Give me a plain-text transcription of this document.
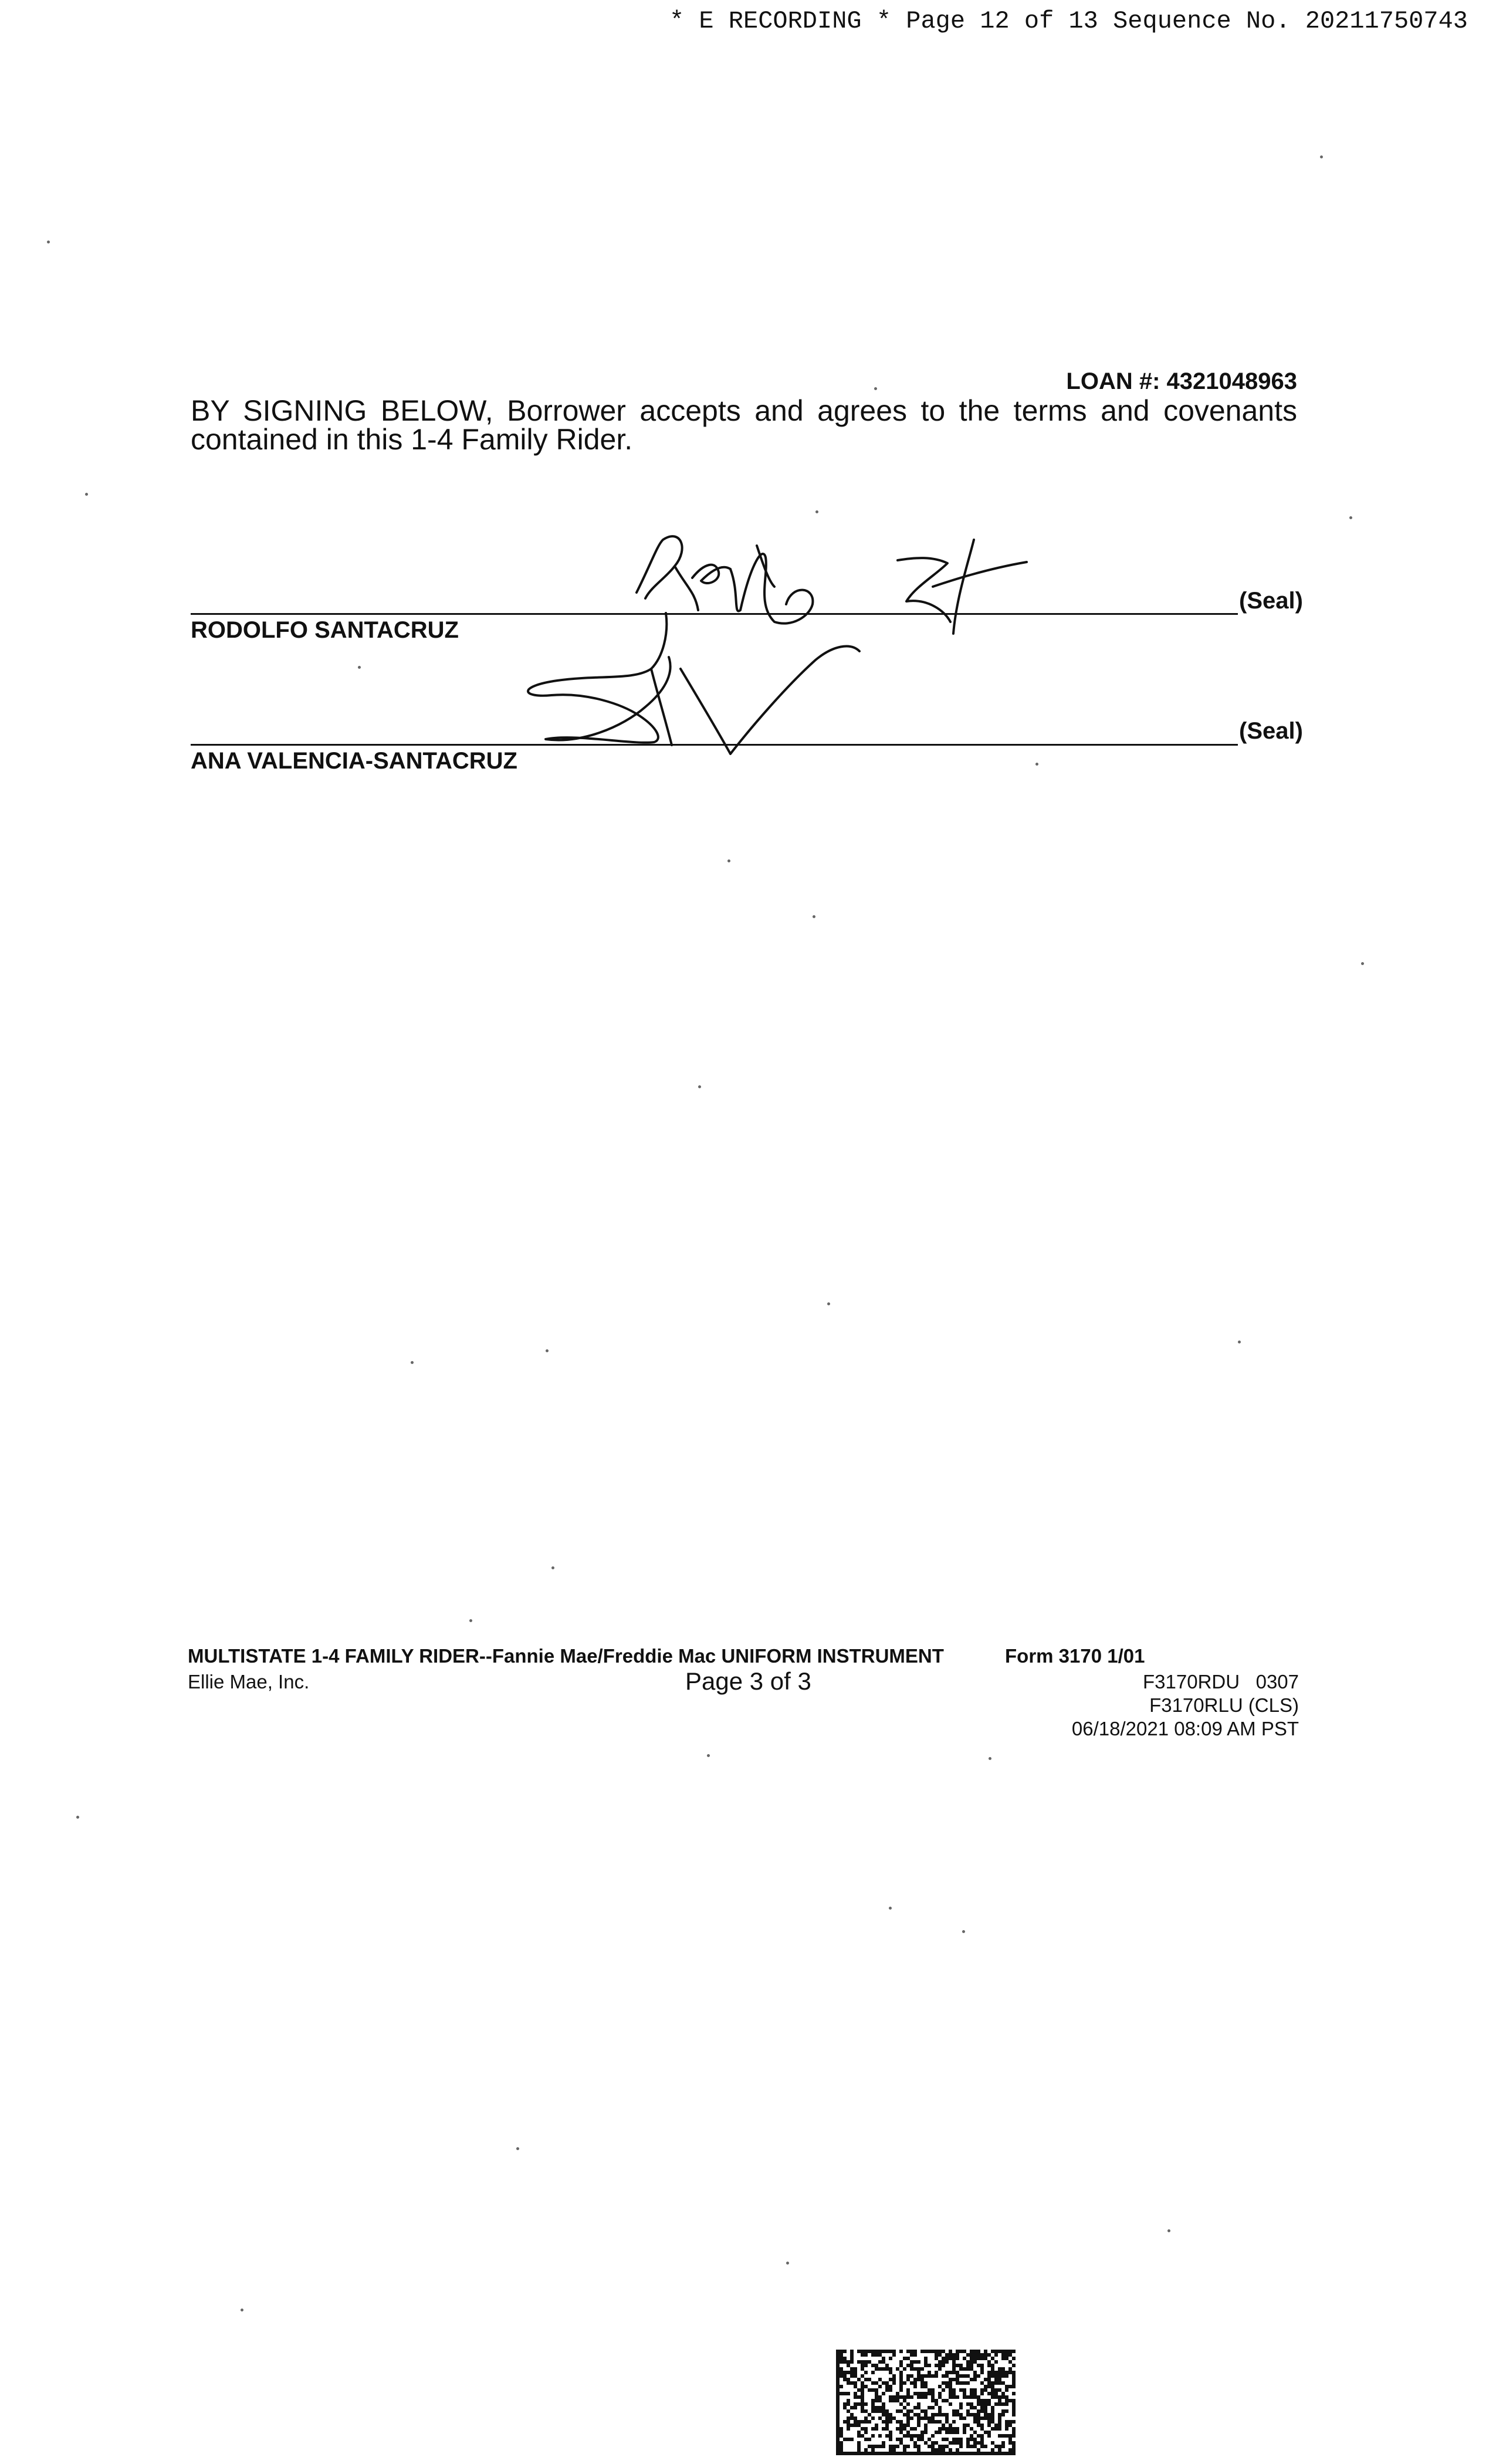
* E RECORDING * Page 12 of 13 Sequence No. 20211750743
LOAN #: 4321048963
BY SIGNING BELOW, Borrower accepts and agrees to the terms and covenants contained in this 1-4 Family Rider.
(Seal)
RODOLFO SANTACRUZ
(Seal)
ANA VALENCIA-SANTACRUZ
MULTISTATE 1-4 FAMILY RIDER--Fannie Mae/Freddie Mac UNIFORM INSTRUMENT	Form 3170 1/01
Ellie Mae, Inc.	Page 3 of 3	F3170RDU   0307
F3170RLU (CLS)
06/18/2021 08:09 AM PST
